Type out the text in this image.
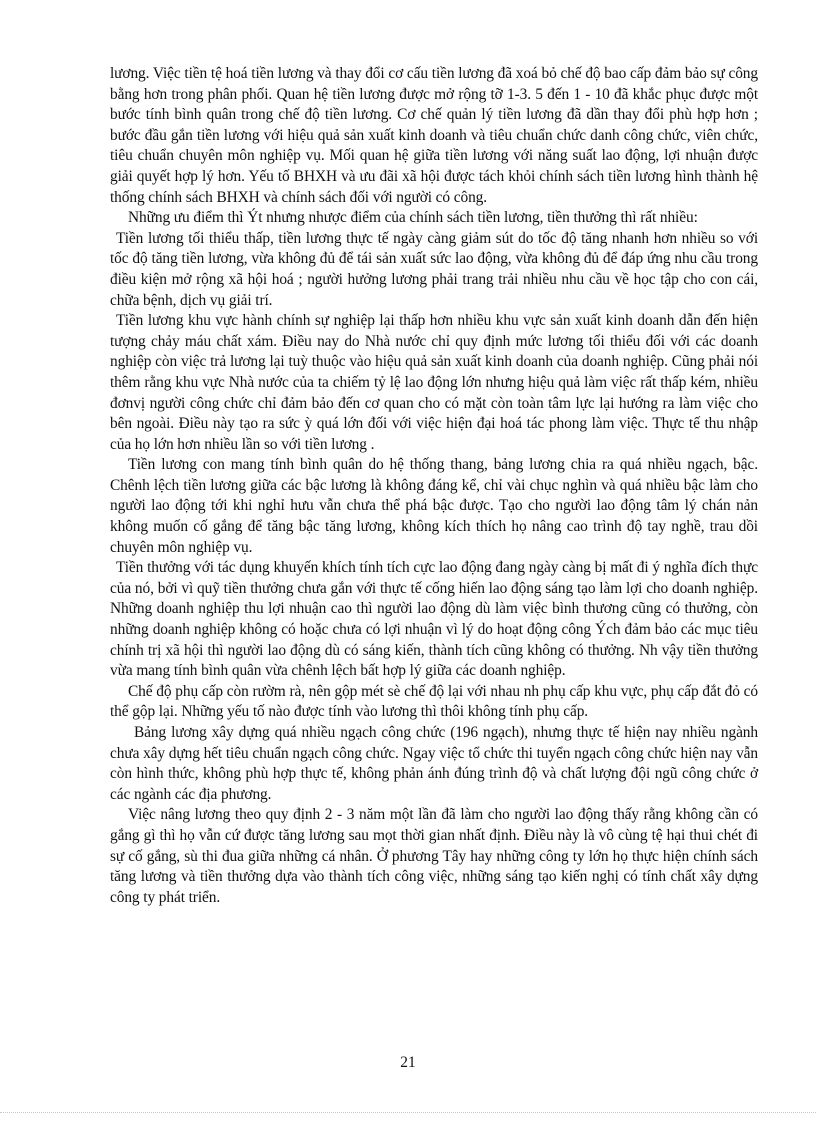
lương. Việc tiền tệ hoá tiền lương và thay đổi cơ cấu tiền lương đã xoá bỏ chế độ bao cấp đảm bảo sự công bằng hơn trong phân phối. Quan hệ tiền lương được mở rộng tỡ 1-3. 5 đến 1 - 10 đã khắc phục được một bước tính bình quân trong chế độ tiền lương. Cơ chế quản lý tiền lương đã dần thay đổi phù hợp hơn ; bước đầu gắn tiền lương với hiệu quả sản xuất kinh doanh và tiêu chuẩn chức danh công chức, viên chức, tiêu chuẩn chuyên môn nghiệp vụ. Mối quan hệ giữa tiền lương với năng suất lao động, lợi nhuận được giải quyết hợp lý hơn. Yếu tố BHXH và ưu đãi xã hội được tách khỏi chính sách tiền lương hình thành hệ thống chính sách BHXH và chính sách đối với người có công.

Những ưu điểm thì Ýt nhưng nhược điểm của chính sách tiền lương, tiền thưởng thì rất nhiều:

Tiền lương tối thiểu thấp, tiền lương thực tế ngày càng giảm sút do tốc độ tăng nhanh hơn nhiều so với tốc độ tăng tiền lương, vừa không đủ để tái sản xuất sức lao động, vừa không đủ để đáp ứng nhu cầu trong điều kiện mở rộng xã hội hoá ; người hưởng lương phải trang trải nhiều nhu cầu về học tập cho con cái, chữa bệnh, dịch vụ giải trí.

Tiền lương khu vực hành chính sự nghiệp lại thấp hơn nhiều khu vực sản xuất kinh doanh dẫn đến hiện tượng chảy máu chất xám. Điều nay do Nhà nước chỉ quy định mức lương tối thiểu đối với các doanh nghiệp còn việc trả lương lại tuỳ thuộc vào hiệu quả sản xuất kinh doanh của doanh nghiệp. Cũng phải nói thêm rằng khu vực Nhà nước của ta chiếm tỷ lệ lao động lớn nhưng hiệu quả làm việc rất thấp kém, nhiều đơnvị người công chức chỉ đảm bảo đến cơ quan cho có mặt còn toàn tâm lực lại hướng ra làm việc cho bên ngoài. Điều này tạo ra sức ỳ quá lớn đối với việc hiện đại hoá tác phong làm việc. Thực tế thu nhập của họ lớn hơn nhiều lần so với tiền lương .

Tiền lương con mang tính bình quân do hệ thống thang, bảng lương chia ra quá nhiều ngạch, bậc. Chênh lệch tiền lương giữa các bậc lương là không đáng kể, chỉ vài chục nghìn và quá nhiều bậc làm cho người lao động tới khi nghỉ hưu vẫn chưa thể phá bậc được. Tạo cho người lao động tâm lý chán nản không muốn cố gắng để tăng bậc tăng lương, không kích thích họ nâng cao trình độ tay nghề, trau dồi chuyên môn nghiệp vụ.

Tiền thưởng với tác dụng khuyến khích tính tích cực lao động đang ngày càng bị mất đi ý nghĩa đích thực của nó, bởi vì quỹ tiền thưởng chưa gắn với thực tế cống hiến lao động sáng tạo làm lợi cho doanh nghiệp. Những doanh nghiệp thu lợi nhuận cao thì người lao động dù làm việc bình thương cũng có thưởng, còn những doanh nghiệp không có hoặc chưa có lợi nhuận vì lý do hoạt động công Ých đảm bảo các mục tiêu chính trị xã hội thì người lao động dù có sáng kiến, thành tích cũng không có thưởng. Nh vậy tiền thưởng vừa mang tính bình quân vừa chênh lệch bất hợp lý giữa các doanh nghiệp.

Chế độ phụ cấp còn rườm rà, nên gộp mét sè chế độ lại với nhau nh phụ cấp khu vực, phụ cấp đắt đỏ có thể gộp lại. Những yếu tố nào được tính vào lương thì thôi không tính phụ cấp.

Bảng lương xây dựng quá nhiều ngạch công chức (196 ngạch), nhưng thực tế hiện nay nhiều ngành chưa xây dựng hết tiêu chuẩn ngạch công chức. Ngay việc tổ chức thi tuyển ngạch công chức hiện nay vẫn còn hình thức, không phù hợp thực tế, không phản ánh đúng trình độ và chất lượng đội ngũ công chức ở các ngành các địa phương.

Việc nâng lương theo quy định 2 - 3 năm một lần đã làm cho người lao động thấy rằng không cần có gắng gì thì họ vẫn cứ được tăng lương sau mọt thời gian nhất định. Điều này là vô cùng tệ hại thui chét đi sự cố gắng, sù thi đua giữa những cá nhân. Ở phương Tây hay những công ty lớn họ thực hiện chính sách tăng lương và tiền thưởng dựa vào thành tích công việc, những sáng tạo kiến nghị có tính chất xây dựng công ty phát triển.

21
